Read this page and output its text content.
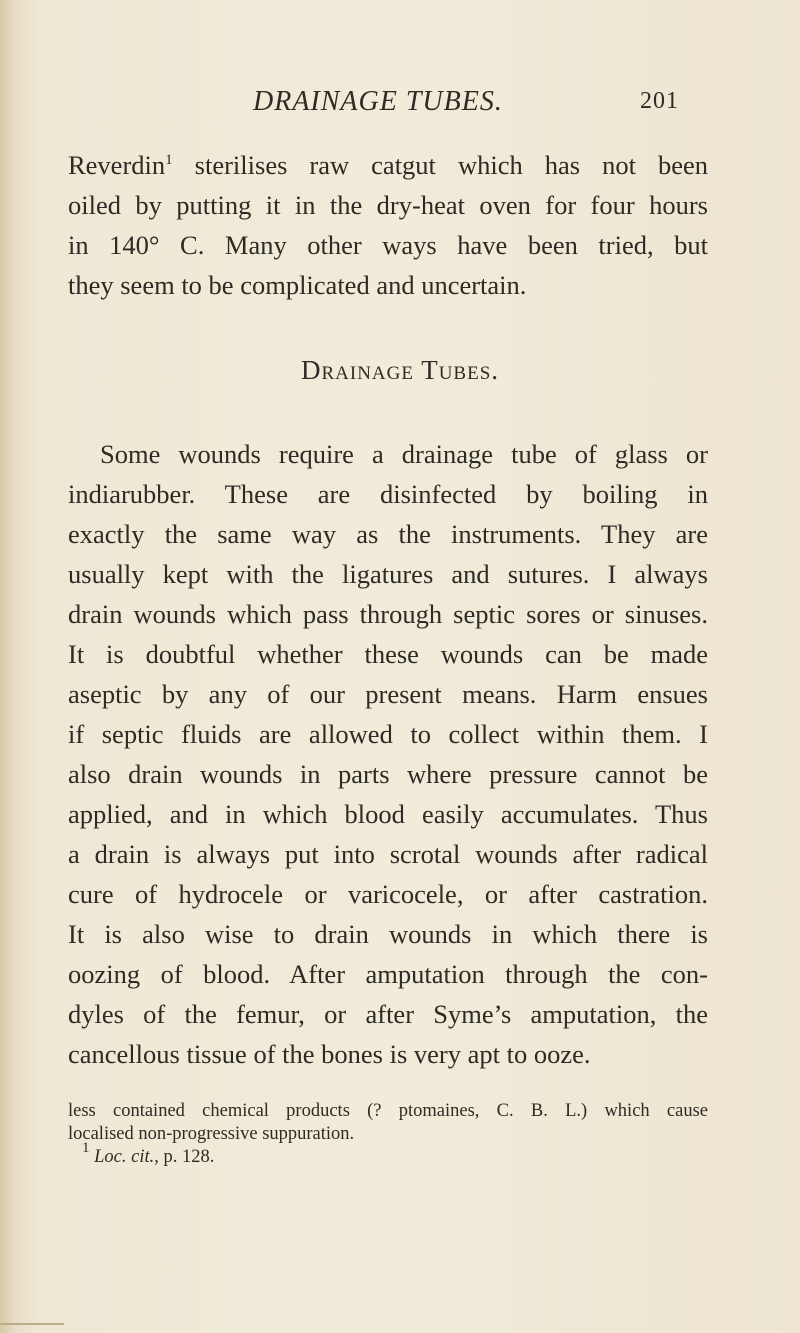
DRAINAGE TUBES.	201
Reverdin$^1$ sterilises raw catgut which has not been
oiled by putting it in the dry-heat oven for four hours
in 140° C. Many other ways have been tried, but
they seem to be complicated and uncertain.
Drainage Tubes.
Some wounds require a drainage tube of glass or
indiarubber. These are disinfected by boiling in
exactly the same way as the instruments. They are
usually kept with the ligatures and sutures. I always
drain wounds which pass through septic sores or sinuses.
It is doubtful whether these wounds can be made
aseptic by any of our present means. Harm ensues
if septic fluids are allowed to collect within them. I
also drain wounds in parts where pressure cannot be
applied, and in which blood easily accumulates. Thus
a drain is always put into scrotal wounds after radical
cure of hydrocele or varicocele, or after castration.
It is also wise to drain wounds in which there is
oozing of blood. After amputation through the con-
dyles of the femur, or after Syme’s amputation, the
cancellous tissue of the bones is very apt to ooze.
less contained chemical products (? ptomaines, C. B. L.) which cause
localised non-progressive suppuration.
$^1$ Loc. cit., p. 128.
